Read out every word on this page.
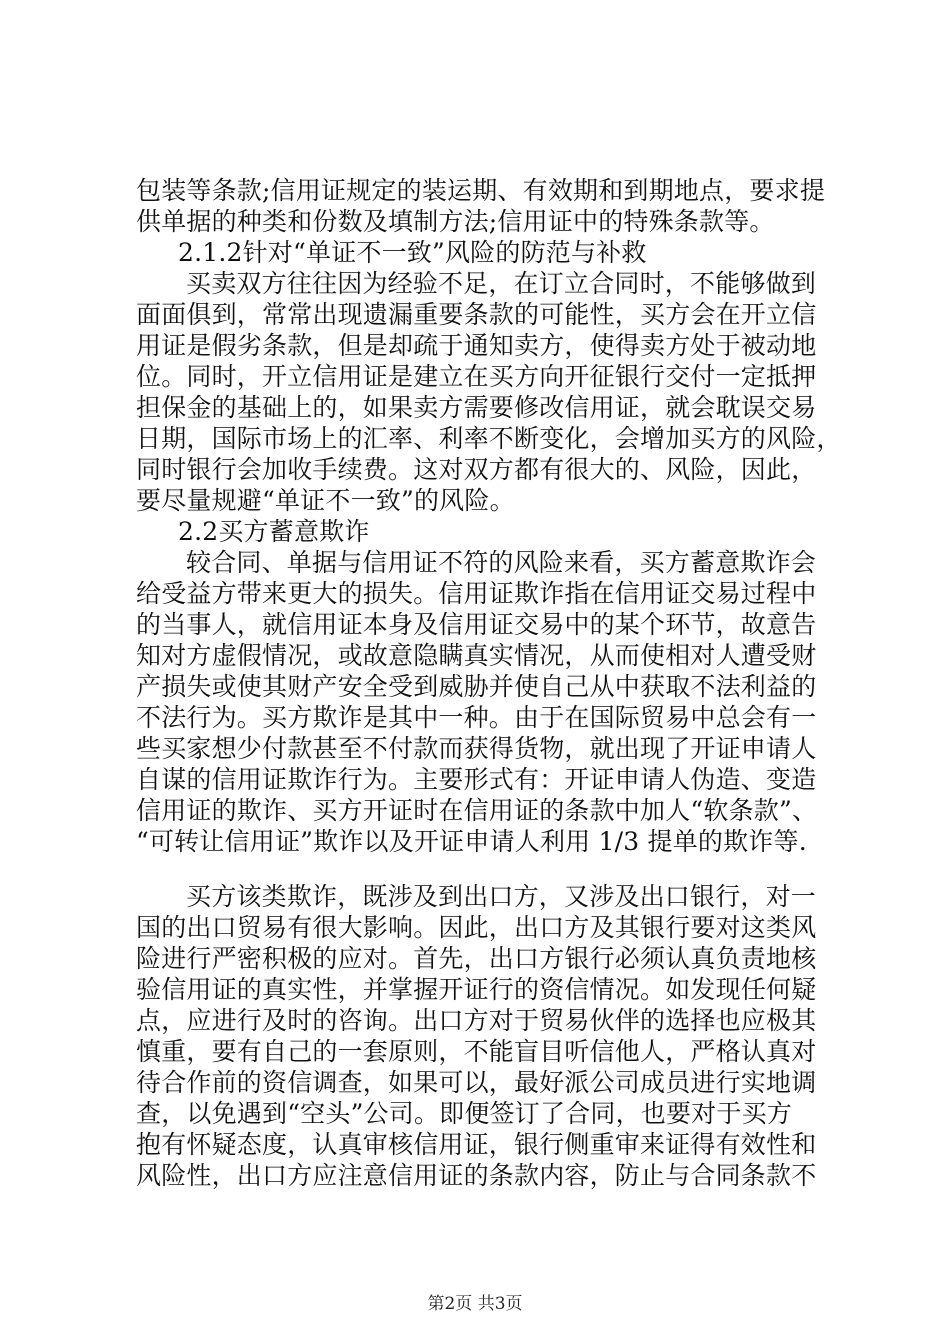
包装等条款;信用证规定的装运期、有效期和到期地点，要求提
供单据的种类和份数及填制方法;信用证中的特殊条款等。
2.1.2针对“单证不一致”风险的防范与补救
买卖双方往往因为经验不足，在订立合同时，不能够做到
面面俱到，常常出现遗漏重要条款的可能性，买方会在开立信
用证是假劣条款，但是却疏于通知卖方，使得卖方处于被动地
位。同时，开立信用证是建立在买方向开征银行交付一定抵押
担保金的基础上的，如果卖方需要修改信用证，就会耽误交易
日期，国际市场上的汇率、利率不断变化，会增加买方的风险，
同时银行会加收手续费。这对双方都有很大的、风险，因此，
要尽量规避“单证不一致”的风险。
2.2买方蓄意欺诈
较合同、单据与信用证不符的风险来看，买方蓄意欺诈会
给受益方带来更大的损失。信用证欺诈指在信用证交易过程中
的当事人，就信用证本身及信用证交易中的某个环节，故意告
知对方虚假情况，或故意隐瞒真实情况，从而使相对人遭受财
产损失或使其财产安全受到威胁并使自己从中获取不法利益的
不法行为。买方欺诈是其中一种。由于在国际贸易中总会有一
些买家想少付款甚至不付款而获得货物，就出现了开证申请人
自谋的信用证欺诈行为。主要形式有：开证申请人伪造、变造
信用证的欺诈、买方开证时在信用证的条款中加人“软条款”、
“可转让信用证”欺诈以及开证申请人利用 1/3 提单的欺诈等.
买方该类欺诈，既涉及到出口方，又涉及出口银行，对一
国的出口贸易有很大影响。因此，出口方及其银行要对这类风
险进行严密积极的应对。首先，出口方银行必须认真负责地核
验信用证的真实性，并掌握开证行的资信情况。如发现任何疑
点，应进行及时的咨询。出口方对于贸易伙伴的选择也应极其
慎重，要有自己的一套原则，不能盲目听信他人，严格认真对
待合作前的资信调查，如果可以，最好派公司成员进行实地调
查，以免遇到“空头”公司。即便签订了合同，也要对于买方
抱有怀疑态度，认真审核信用证，银行侧重审来证得有效性和
风险性，出口方应注意信用证的条款内容，防止与合同条款不
第2页 共3页
